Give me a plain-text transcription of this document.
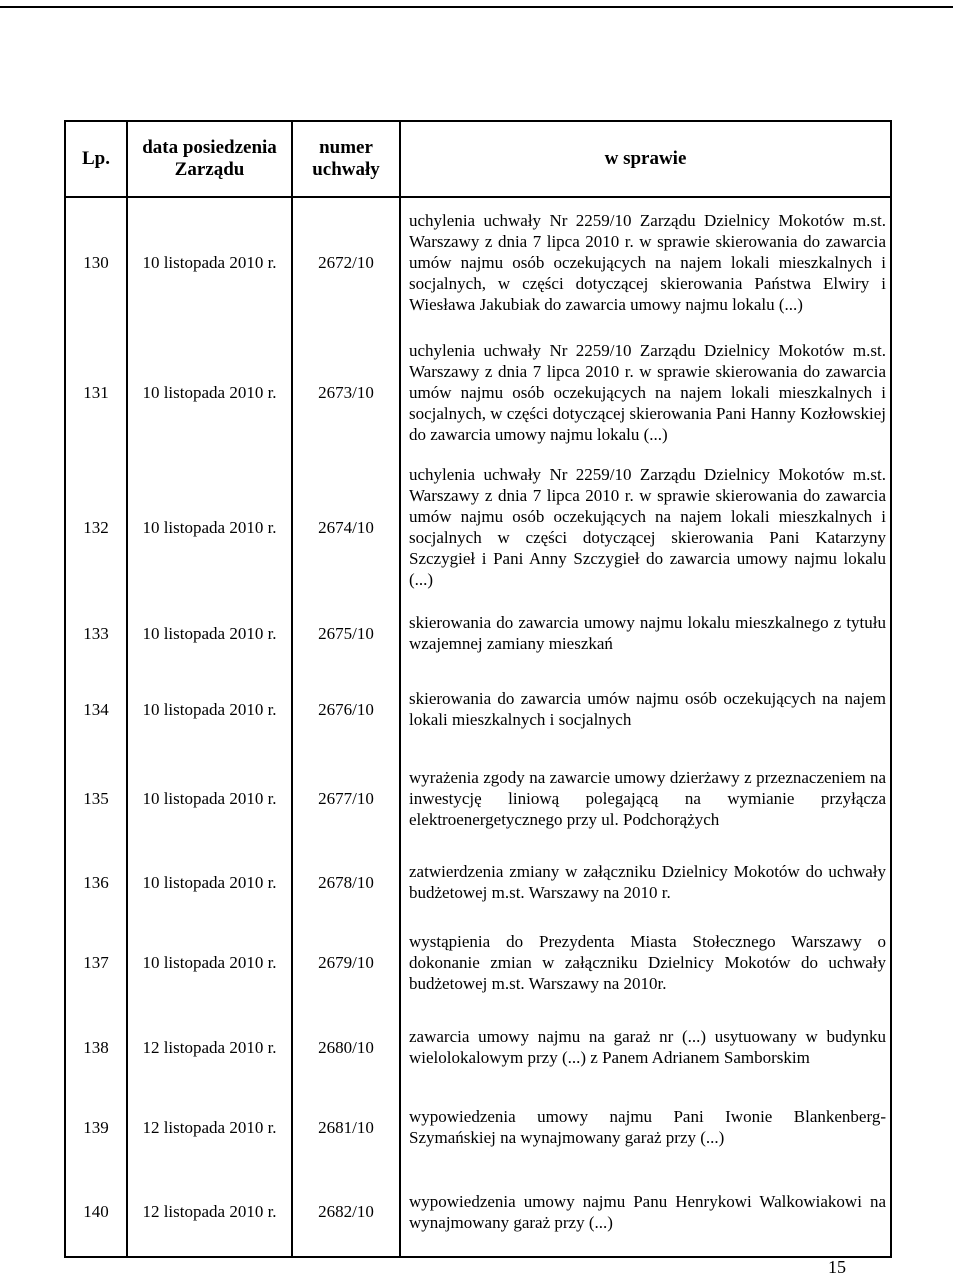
Lp.	data posiedzenia Zarządu	numer uchwały	w sprawie
130	10 listopada 2010 r.	2672/10	uchylenia uchwały Nr 2259/10 Zarządu Dzielnicy Mokotów m.st. Warszawy z dnia 7 lipca 2010 r. w sprawie skierowania do zawarcia umów najmu osób oczekujących na najem lokali mieszkalnych i socjalnych, w części dotyczącej skierowania Państwa Elwiry i Wiesława Jakubiak do zawarcia umowy najmu lokalu (...)
131	10 listopada 2010 r.	2673/10	uchylenia uchwały Nr 2259/10 Zarządu Dzielnicy Mokotów m.st. Warszawy z dnia 7 lipca 2010 r. w sprawie skierowania do zawarcia umów najmu osób oczekujących na najem lokali mieszkalnych i socjalnych, w części dotyczącej skierowania Pani Hanny Kozłowskiej do zawarcia umowy najmu lokalu (...)
132	10 listopada 2010 r.	2674/10	uchylenia uchwały Nr 2259/10 Zarządu Dzielnicy Mokotów m.st. Warszawy z dnia 7 lipca 2010 r. w sprawie skierowania do zawarcia umów najmu osób oczekujących na najem lokali mieszkalnych i socjalnych w części dotyczącej skierowania Pani Katarzyny Szczygieł i Pani Anny Szczygieł do zawarcia umowy najmu lokalu (...)
133	10 listopada 2010 r.	2675/10	skierowania do zawarcia umowy najmu lokalu mieszkalnego z tytułu wzajemnej zamiany mieszkań
134	10 listopada 2010 r.	2676/10	skierowania do zawarcia umów najmu osób oczekujących na najem lokali mieszkalnych i socjalnych
135	10 listopada 2010 r.	2677/10	wyrażenia zgody na zawarcie umowy dzierżawy z przeznaczeniem na inwestycję liniową polegającą na wymianie przyłącza elektroenergetycznego przy ul. Podchorążych
136	10 listopada 2010 r.	2678/10	zatwierdzenia zmiany w załączniku Dzielnicy Mokotów do uchwały budżetowej m.st. Warszawy na 2010 r.
137	10 listopada 2010 r.	2679/10	wystąpienia do Prezydenta Miasta Stołecznego Warszawy o dokonanie zmian w załączniku Dzielnicy Mokotów do uchwały budżetowej m.st. Warszawy na 2010r.
138	12 listopada 2010 r.	2680/10	zawarcia umowy najmu na garaż nr (...) usytuowany w budynku wielolokalowym przy (...) z Panem Adrianem Samborskim
139	12 listopada 2010 r.	2681/10	wypowiedzenia umowy najmu Pani Iwonie Blankenberg-Szymańskiej na wynajmowany garaż przy (...)
140	12 listopada 2010 r.	2682/10	wypowiedzenia umowy najmu Panu Henrykowi Walkowiakowi na wynajmowany garaż przy (...)
15
